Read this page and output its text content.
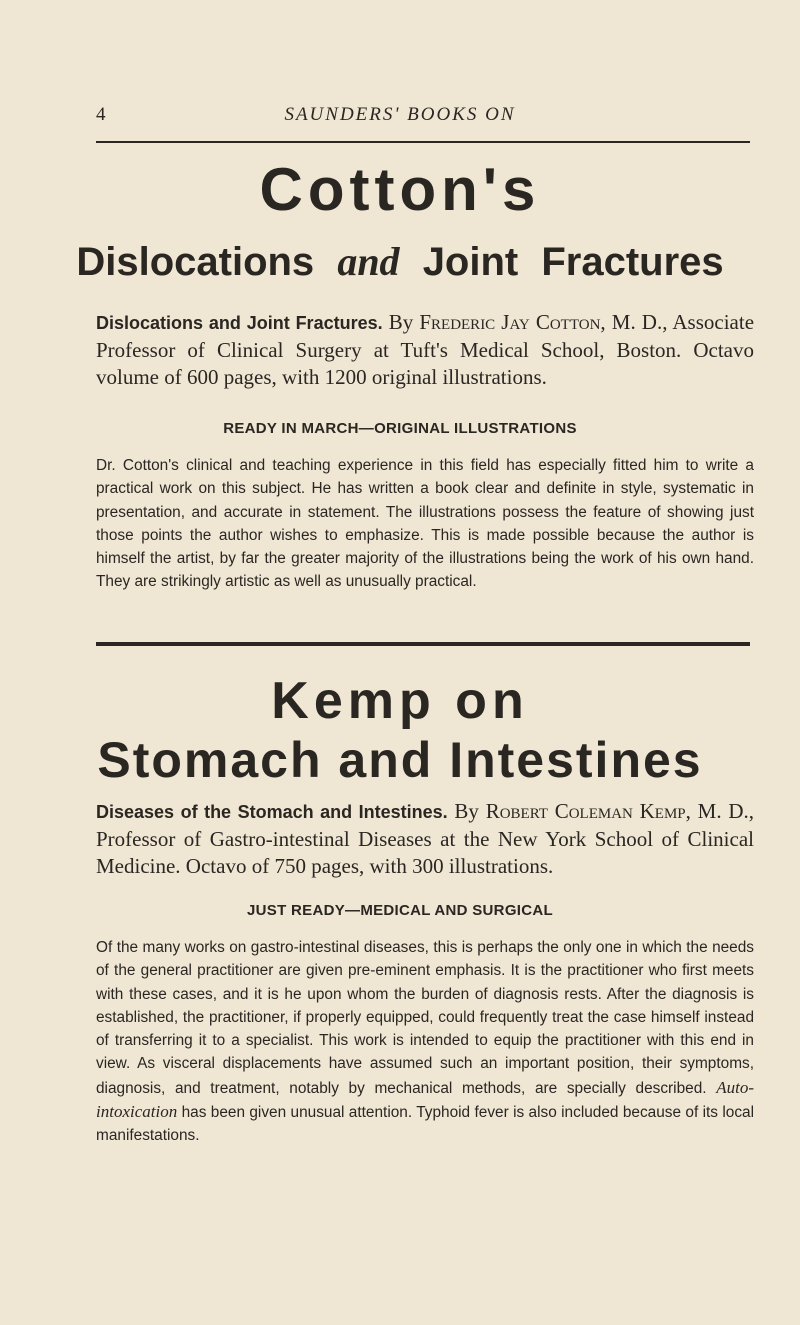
4	SAUNDERS' BOOKS ON
Cotton's
Dislocations and Joint Fractures
Dislocations and Joint Fractures. By Frederic Jay Cotton, M. D., Associate Professor of Clinical Surgery at Tuft's Medical School, Boston. Octavo volume of 600 pages, with 1200 original illustrations.
READY IN MARCH—ORIGINAL ILLUSTRATIONS
Dr. Cotton's clinical and teaching experience in this field has especially fitted him to write a practical work on this subject. He has written a book clear and definite in style, systematic in presentation, and accurate in statement. The illustrations possess the feature of showing just those points the author wishes to emphasize. This is made possible because the author is himself the artist, by far the greater majority of the illustrations being the work of his own hand. They are strikingly artistic as well as unusually practical.
Kemp on
Stomach and Intestines
Diseases of the Stomach and Intestines. By Robert Coleman Kemp, M. D., Professor of Gastro-intestinal Diseases at the New York School of Clinical Medicine. Octavo of 750 pages, with 300 illustrations.
JUST READY—MEDICAL AND SURGICAL
Of the many works on gastro-intestinal diseases, this is perhaps the only one in which the needs of the general practitioner are given pre-eminent emphasis. It is the practitioner who first meets with these cases, and it is he upon whom the burden of diagnosis rests. After the diagnosis is established, the practitioner, if properly equipped, could frequently treat the case himself instead of transferring it to a specialist. This work is intended to equip the practitioner with this end in view. As visceral displacements have assumed such an important position, their symptoms, diagnosis, and treatment, notably by mechanical methods, are specially described. Auto-intoxication has been given unusual attention. Typhoid fever is also included because of its local manifestations.
